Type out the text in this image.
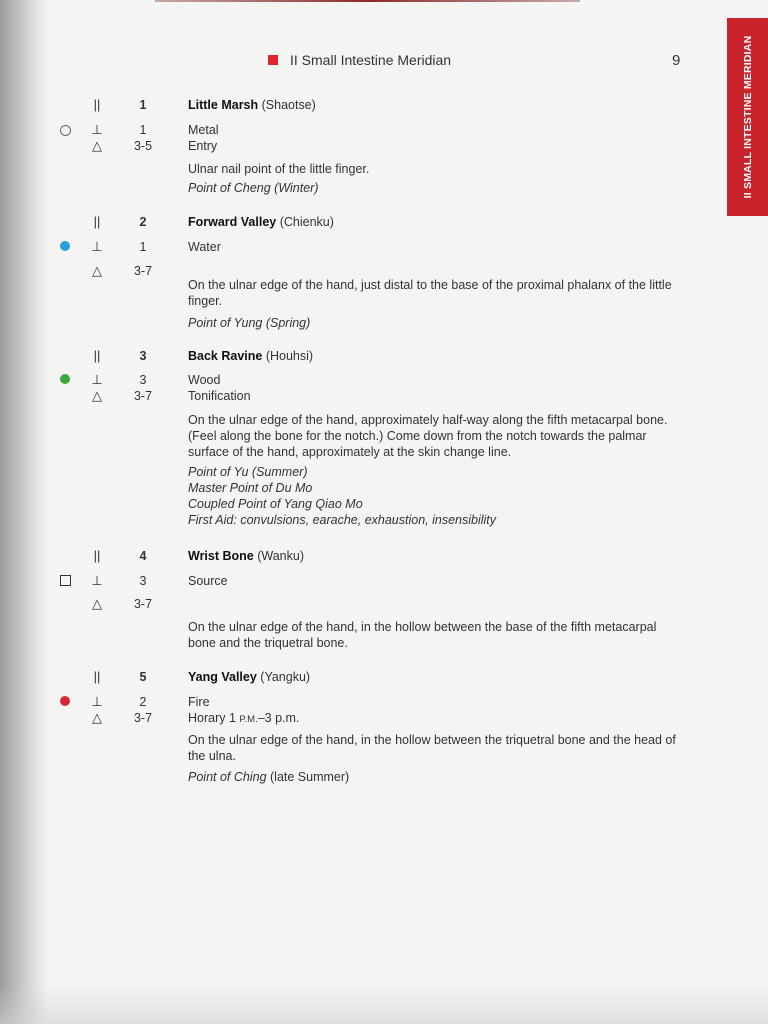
II SMALL INTESTINE MERIDIAN
II Small Intestine Meridian	9
||	1	Little Marsh (Shaotse)
⊥	1	Metal
△	3-5	Entry
Ulnar nail point of the little finger.
Point of Cheng (Winter)
||	2	Forward Valley (Chienku)
⊥	1	Water
△	3-7
On the ulnar edge of the hand, just distal to the base of the proximal phalanx of the little finger.
Point of Yung (Spring)
||	3	Back Ravine (Houhsi)
⊥	3	Wood
△	3-7	Tonification
On the ulnar edge of the hand, approximately half-way along the fifth metacarpal bone. (Feel along the bone for the notch.) Come down from the notch towards the palmar surface of the hand, approximately at the skin change line.
Point of Yu (Summer)
Master Point of Du Mo
Coupled Point of Yang Qiao Mo
First Aid: convulsions, earache, exhaustion, insensibility
||	4	Wrist Bone (Wanku)
⊥	3	Source
△	3-7
On the ulnar edge of the hand, in the hollow between the base of the fifth metacarpal bone and the triquetral bone.
||	5	Yang Valley (Yangku)
⊥	2	Fire
△	3-7	Horary 1 P.M.–3 p.m.
On the ulnar edge of the hand, in the hollow between the triquetral bone and the head of the ulna.
Point of Ching (late Summer)
